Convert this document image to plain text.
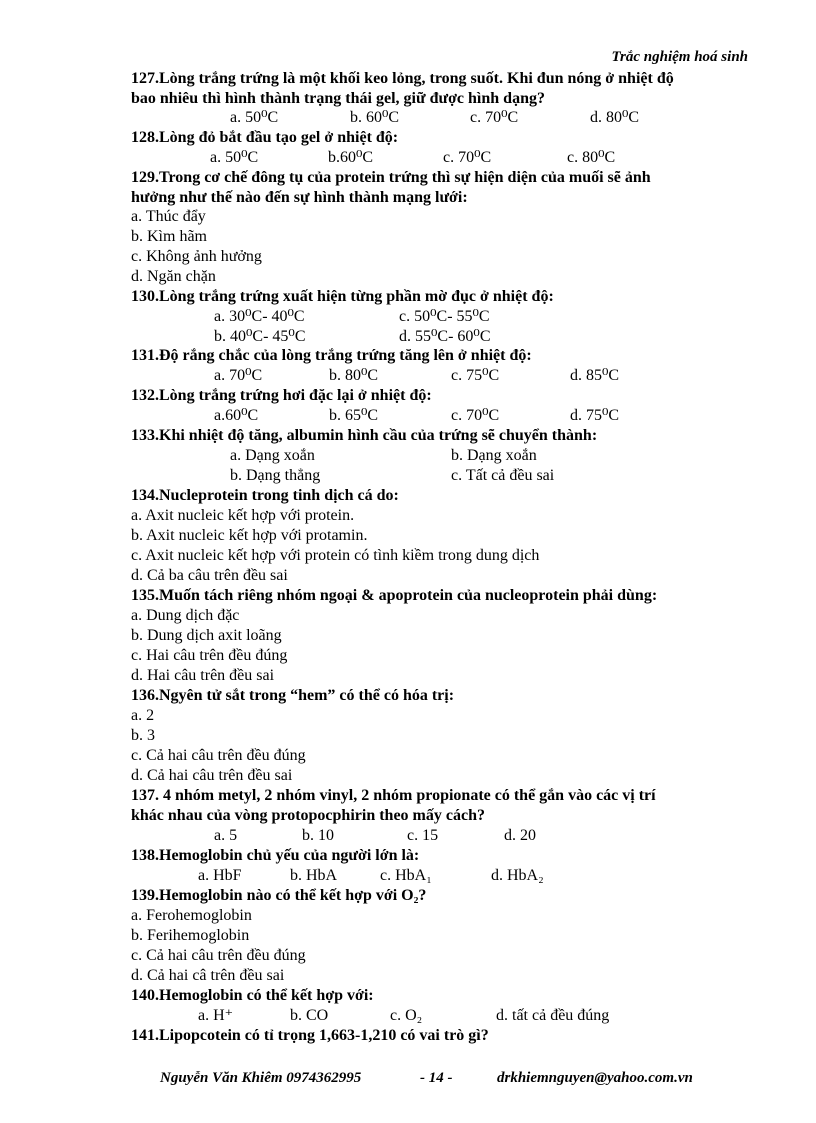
Trắc nghiệm hoá sinh
127.Lòng trắng trứng là một khối keo lỏng, trong suốt. Khi đun nóng ở nhiệt độ
bao nhiêu thì hình thành trạng thái gel, giữ được hình dạng?
a. 50⁰C	b. 60⁰C	c. 70⁰C	d. 80⁰C
128.Lòng đỏ bắt đầu tạo gel ở nhiệt độ:
a. 50⁰C	b.60⁰C	c. 70⁰C	c. 80⁰C
129.Trong cơ chế đông tụ của protein trứng thì sự hiện diện của muối sẽ ảnh
hưởng như thế nào đến sự hình thành mạng lưới:
a. Thúc đẩy
b. Kìm hãm
c. Không ảnh hưởng
d. Ngăn chặn
130.Lòng trắng trứng xuất hiện từng phần mờ đục ở nhiệt độ:
a. 30⁰C- 40⁰C	c. 50⁰C- 55⁰C
b. 40⁰C- 45⁰C	d. 55⁰C- 60⁰C
131.Độ rắng chắc của lòng trắng trứng tăng lên ở nhiệt độ:
a. 70⁰C	b. 80⁰C	c. 75⁰C	d. 85⁰C
132.Lòng trắng trứng hơi đặc lại ở nhiệt độ:
a.60⁰C	b. 65⁰C	c. 70⁰C	d. 75⁰C
133.Khi nhiệt độ tăng, albumin hình cầu của trứng sẽ chuyển thành:
a. Dạng xoắn	b. Dạng xoắn
b. Dạng thẳng	c. Tất cả đều sai
134.Nucleprotein trong tinh dịch cá do:
a. Axit nucleic kết hợp với protein.
b. Axit nucleic kết hợp với protamin.
c. Axit nucleic kết hợp với protein có tình kiềm trong dung dịch
d. Cả ba câu trên đều sai
135.Muốn tách riêng nhóm ngoại & apoprotein của nucleoprotein phải dùng:
a. Dung dịch đặc
b. Dung dịch axit loãng
c. Hai câu trên đều đúng
d. Hai câu trên đều sai
136.Ngyên tử sắt trong “hem” có thể có hóa trị:
a. 2
b. 3
c. Cả hai câu trên đều đúng
d. Cả hai câu trên đều sai
137. 4 nhóm metyl, 2 nhóm vinyl, 2 nhóm propionate có thể gắn vào các vị trí
khác nhau của vòng protopocphirin theo mấy cách?
a. 5	b. 10	c. 15	d. 20
138.Hemoglobin chủ yếu của người lớn là:
a. HbF	b. HbA	c. HbA₁	d. HbA₂
139.Hemoglobin nào có thể kết hợp với O₂?
a. Ferohemoglobin
b. Ferihemoglobin
c. Cả hai câu trên đều đúng
d. Cả hai câ trên đều sai
140.Hemoglobin có thể kết hợp với:
a. H⁺	b. CO	c. O₂	d. tất cả đều đúng
141.Lipopcotein có tỉ trọng 1,663-1,210 có vai trò gì?
Nguyễn Văn Khiêm 0974362995	- 14 -	drkhiemnguyen@yahoo.com.vn
